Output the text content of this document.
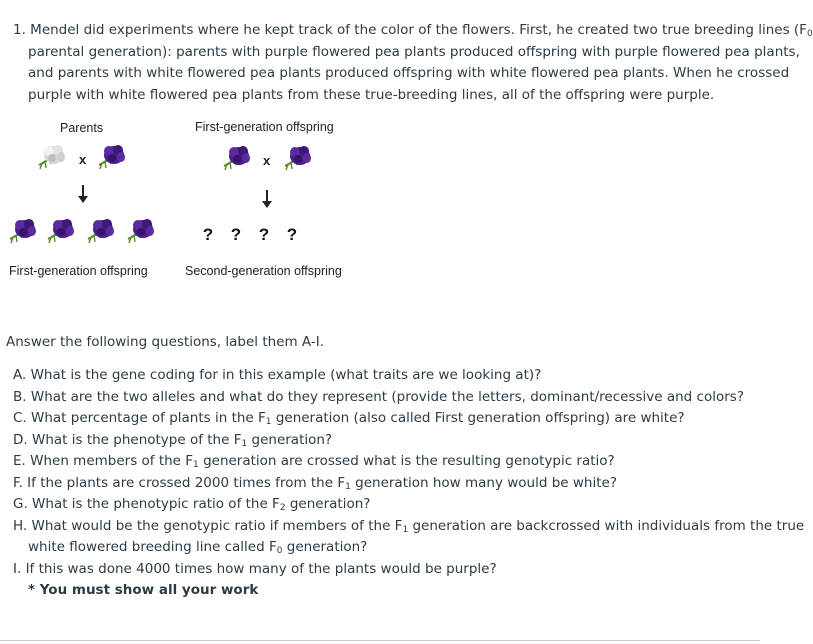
1. Mendel did experiments where he kept track of the color of the flowers. First, he created two true breeding lines ($F_0$
parental generation): parents with purple flowered pea plants produced offspring with purple flowered pea plants,
and parents with white flowered pea plants produced offspring with white flowered pea plants. When he crossed
purple with white flowered pea plants from these true-breeding lines, all of the offspring were purple.
Parents	First-generation offspring
x	x
? ? ? ?
First-generation offspring	Second-generation offspring
Answer the following questions, label them A-I.
A. What is the gene coding for in this example (what traits are we looking at)?
B. What are the two alleles and what do they represent (provide the letters, dominant/recessive and colors?
C. What percentage of plants in the $F_1$ generation (also called First generation offspring) are white?
D. What is the phenotype of the $F_1$ generation?
E. When members of the $F_1$ generation are crossed what is the resulting genotypic ratio?
F. If the plants are crossed 2000 times from the $F_1$ generation how many would be white?
G. What is the phenotypic ratio of the $F_2$ generation?
H. What would be the genotypic ratio if members of the $F_1$ generation are backcrossed with individuals from the true
white flowered breeding line called $F_0$ generation?
I. If this was done 4000 times how many of the plants would be purple?
* You must show all your work
